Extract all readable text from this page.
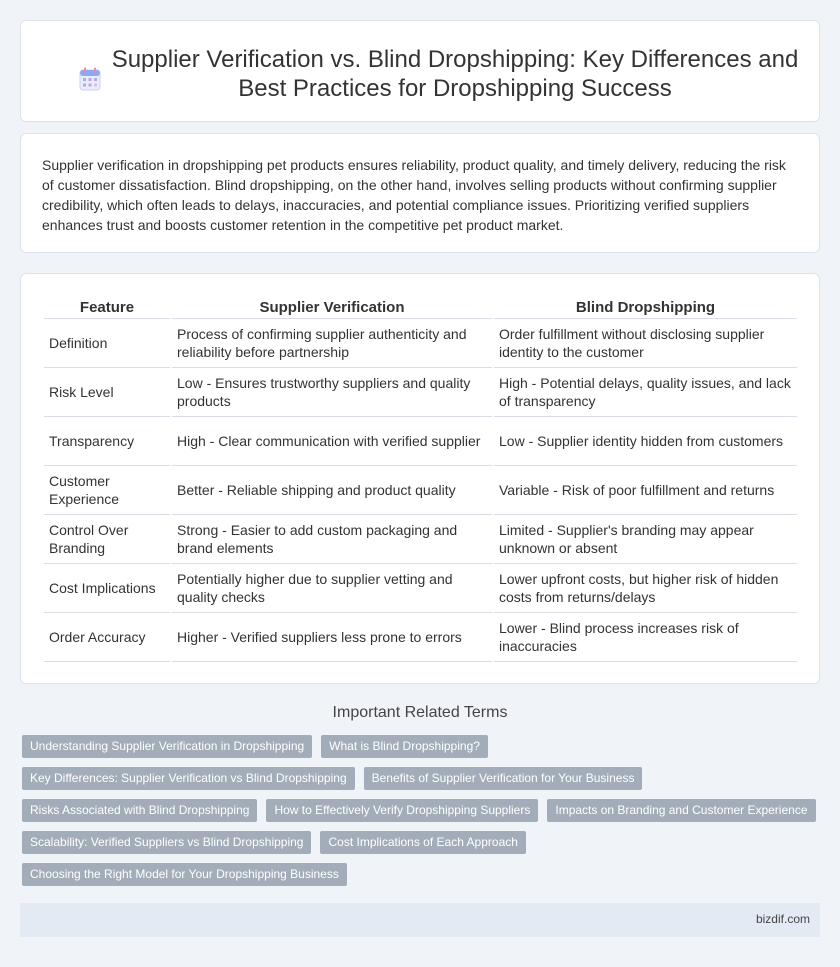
Supplier Verification vs. Blind Dropshipping: Key Differences and Best Practices for Dropshipping Success

Supplier verification in dropshipping pet products ensures reliability, product quality, and timely delivery, reducing the risk of customer dissatisfaction. Blind dropshipping, on the other hand, involves selling products without confirming supplier credibility, which often leads to delays, inaccuracies, and potential compliance issues. Prioritizing verified suppliers enhances trust and boosts customer retention in the competitive pet product market.

Feature	Supplier Verification	Blind Dropshipping
Definition	Process of confirming supplier authenticity and reliability before partnership	Order fulfillment without disclosing supplier identity to the customer
Risk Level	Low - Ensures trustworthy suppliers and quality products	High - Potential delays, quality issues, and lack of transparency
Transparency	High - Clear communication with verified supplier	Low - Supplier identity hidden from customers
Customer Experience	Better - Reliable shipping and product quality	Variable - Risk of poor fulfillment and returns
Control Over Branding	Strong - Easier to add custom packaging and brand elements	Limited - Supplier's branding may appear unknown or absent
Cost Implications	Potentially higher due to supplier vetting and quality checks	Lower upfront costs, but higher risk of hidden costs from returns/delays
Order Accuracy	Higher - Verified suppliers less prone to errors	Lower - Blind process increases risk of inaccuracies
Important Related Terms
Understanding Supplier Verification in Dropshipping	What is Blind Dropshipping?
Key Differences: Supplier Verification vs Blind Dropshipping	Benefits of Supplier Verification for Your Business
Risks Associated with Blind Dropshipping	How to Effectively Verify Dropshipping Suppliers	Impacts on Branding and Customer Experience
Scalability: Verified Suppliers vs Blind Dropshipping	Cost Implications of Each Approach
Choosing the Right Model for Your Dropshipping Business
bizdif.com
